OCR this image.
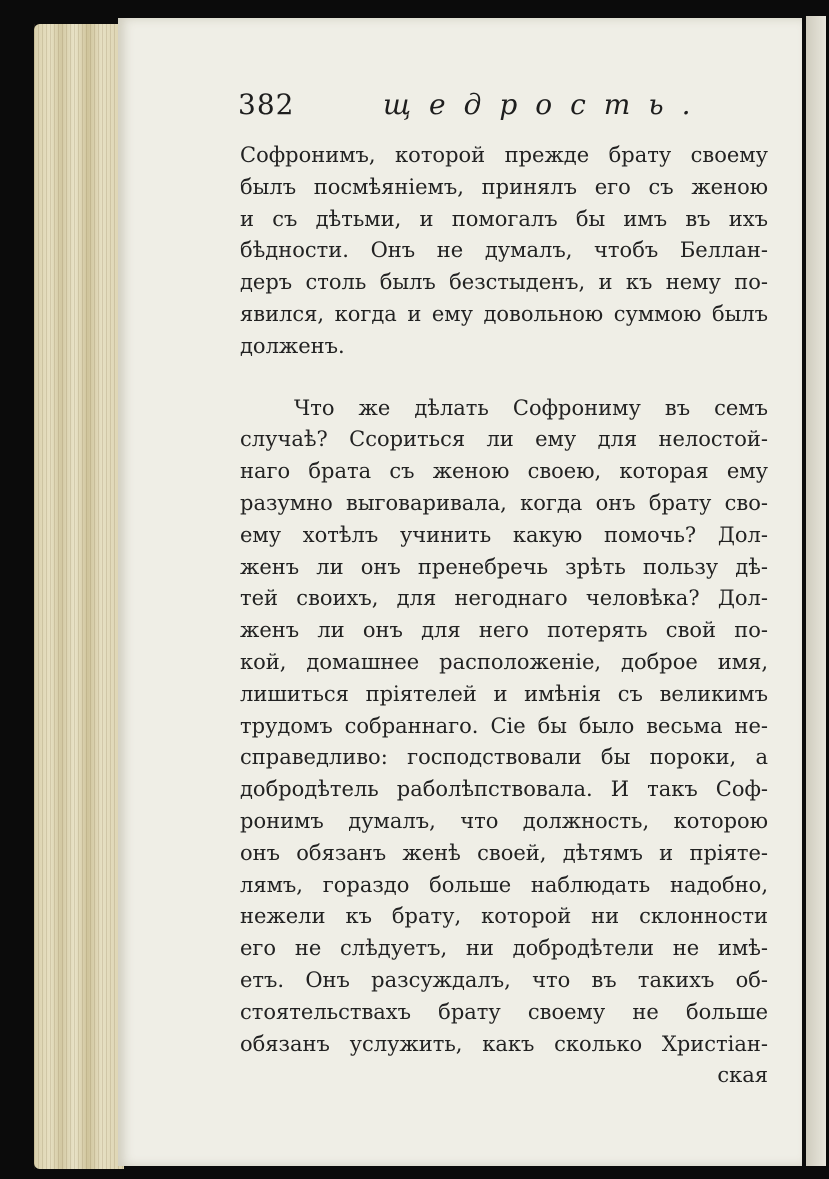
382	щедрость.
Софронимъ, которой прежде брату своему
былъ посмѣяніемъ, принялъ его съ женою
и съ дѣтьми, и помогалъ бы имъ въ ихъ
бѣдности. Онъ не думалъ, чтобъ Беллан-
деръ столь былъ безстыденъ, и къ нему по-
явился, когда и ему довольною суммою былъ
долженъ.
Что же дѣлать Софрониму въ семъ
случаѣ? Ссориться ли ему для нелостой-
наго брата съ женою своею, которая ему
разумно выговаривала, когда онъ брату сво-
ему хотѣлъ учинить какую помочь? Дол-
женъ ли онъ пренебречь зрѣть пользу дѣ-
тей своихъ, для негоднаго человѣка? Дол-
женъ ли онъ для него потерять свой по-
кой, домашнее расположеніе, доброе имя,
лишиться пріятелей и имѣнія съ великимъ
трудомъ собраннаго. Сіе бы было весьма не-
справедливо: господствовали бы пороки, а
добродѣтель раболѣпствовала. И такъ Соф-
ронимъ думалъ, что должность, которою
онъ обязанъ женѣ своей, дѣтямъ и пріяте-
лямъ, гораздо больше наблюдать надобно,
нежели къ брату, которой ни склонности
его не слѣдуетъ, ни добродѣтели не имѣ-
етъ. Онъ разсуждалъ, что въ такихъ об-
стоятельствахъ брату своему не больше
обязанъ услужить, какъ сколько Христіан-
ская
